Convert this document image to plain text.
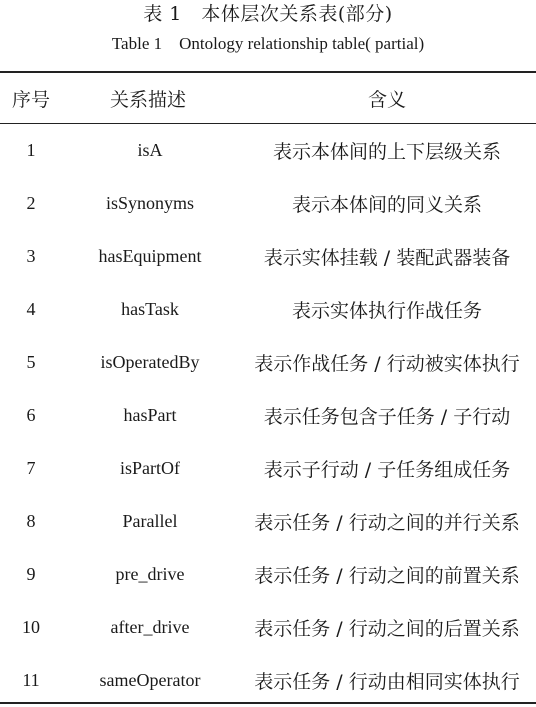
表 1　本体层次关系表(部分)
Table 1　Ontology relationship table( partial)
序号	关系描述	含义
1	isA	表示本体间的上下层级关系
2	isSynonyms	表示本体间的同义关系
3	hasEquipment	表示实体挂载 / 装配武器装备
4	hasTask	表示实体执行作战任务
5	isOperatedBy	表示作战任务 / 行动被实体执行
6	hasPart	表示任务包含子任务 / 子行动
7	isPartOf	表示子行动 / 子任务组成任务
8	Parallel	表示任务 / 行动之间的并行关系
9	pre_drive	表示任务 / 行动之间的前置关系
10	after_drive	表示任务 / 行动之间的后置关系
11	sameOperator	表示任务 / 行动由相同实体执行
